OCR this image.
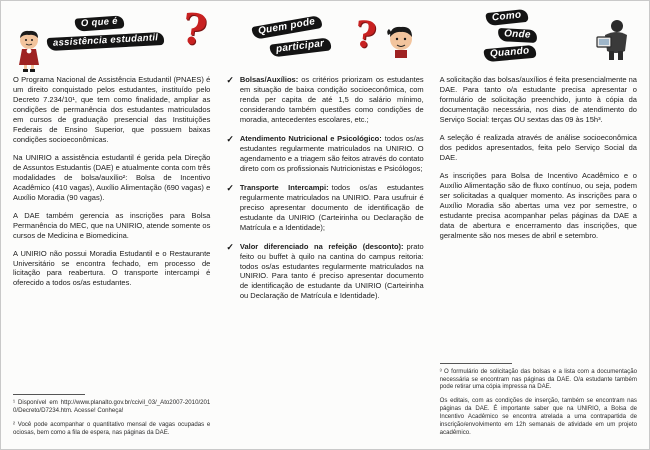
O que é
assistência estudantil ?

O Programa Nacional de Assistência Estudantil (PNAES) é um direito conquistado pelos estudantes, instituído pelo Decreto 7.234/10¹, que tem como finalidade, ampliar as condições de permanência dos estudantes matriculados em cursos de graduação presencial das Instituições Federais de Ensino Superior, que possuem baixas condições socioeconômicas.

Na UNIRIO a assistência estudantil é gerida pela Direção de Assuntos Estudantis (DAE) e atualmente conta com três modalidades de bolsa/auxílio²: Bolsa de Incentivo Acadêmico (410 vagas), Auxílio Alimentação (690 vagas) e Auxílio Moradia (90 vagas).

A DAE também gerencia as inscrições para Bolsa Permanência do MEC, que na UNIRIO, atende somente os cursos de Medicina e Biomedicina.

A UNIRIO não possui Moradia Estudantil e o Restaurante Universitário se encontra fechado, em processo de licitação para reabertura. O transporte intercampi é oferecido a todos os/as estudantes.

¹ Disponível em http://www.planalto.gov.br/ccivil_03/_Ato2007-2010/2010/Decreto/D7234.htm. Acesse! Conheça!

² Você pode acompanhar o quantitativo mensal de vagas ocupadas e ociosas, bem como a fila de espera, nas páginas da DAE.

Quem pode
participar ?
✓ Bolsas/Auxílios: os critérios priorizam os estudantes em situação de baixa condição socioeconômica, com renda per capita de até 1,5 do salário mínimo, considerando também questões como condições de moradia, antecedentes escolares, etc.;

✓ Atendimento Nutricional e Psicológico: todos os/as estudantes regularmente matriculados na UNIRIO. O agendamento e a triagem são feitos através do contato direto com os profissionais Nutricionistas e Psicólogos;

✓ Transporte Intercampi: todos os/as estudantes regularmente matriculados na UNIRIO. Para usufruir é preciso apresentar documento de identificação de estudante da UNIRIO (Carteirinha ou Declaração de Matrícula e a Identidade);

✓ Valor diferenciado na refeição (desconto): prato feito ou buffet à quilo na cantina do campus reitoria: todos os/as estudantes regularmente matriculados na UNIRIO. Para tanto é preciso apresentar documento de identificação de estudante da UNIRIO (Carteirinha ou Declaração de Matrícula e Identidade).

Como
Onde
Quando

A solicitação das bolsas/auxílios é feita presencialmente na DAE. Para tanto o/a estudante precisa apresentar o formulário de solicitação preenchido, junto à cópia da documentação necessária, nos dias de atendimento do Serviço Social: terças OU sextas das 09 às 15h³.

A seleção é realizada através de análise socioeconômica dos pedidos apresentados, feita pelo Serviço Social da DAE.

As inscrições para Bolsa de Incentivo Acadêmico e o Auxílio Alimentação são de fluxo contínuo, ou seja, podem ser solicitadas a qualquer momento. As inscrições para o Auxílio Moradia são abertas uma vez por semestre, o estudante precisa acompanhar pelas páginas da DAE a data de abertura e encerramento das inscrições, que geralmente são nos meses de abril e setembro.

³ O formulário de solicitação das bolsas e a lista com a documentação necessária se encontram nas páginas da DAE. O/a estudante também pode retirar uma cópia impressa na DAE.

Os editais, com as condições de inserção, também se encontram nas páginas da DAE. É importante saber que na UNIRIO, a Bolsa de Incentivo Acadêmico se encontra atrelada a uma contrapartida de inscrição/envolvimento em 12h semanais de atividade em um projeto acadêmico.
